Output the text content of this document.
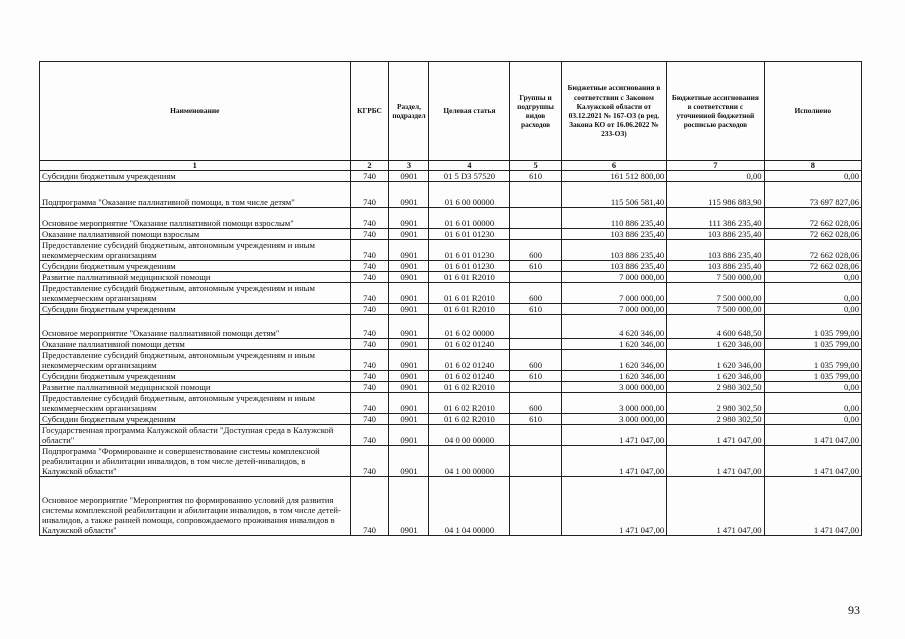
Наименование	КГРБС	Раздел, подраздел	Целевая статья	Группы и подгруппы видов расходов	Бюджетные ассигнования в соответствии с Законом Калужской области от 03.12.2021 № 167-ОЗ (в ред. Закона КО от 16.06.2022 № 233-ОЗ)	Бюджетные ассигнования в соответствии с уточненной бюджетной росписью расходов	Исполнено
1	2	3	4	5	6	7	8
Субсидии бюджетным учреждениям	740	0901	01 5 D3 57520	610	161 512 800,00	0,00	0,00
Подпрограмма "Оказание паллиативной помощи, в том числе детям"	740	0901	01 6 00 00000		115 506 581,40	115 986 883,90	73 697 827,06
Основное мероприятие "Оказание паллиативной помощи взрослым"	740	0901	01 6 01 00000		110 886 235,40	111 386 235,40	72 662 028,06
Оказание паллиативной помощи взрослым	740	0901	01 6 01 01230		103 886 235,40	103 886 235,40	72 662 028,06
Предоставление субсидий бюджетным, автономным учреждениям и иным некоммерческим организациям	740	0901	01 6 01 01230	600	103 886 235,40	103 886 235,40	72 662 028,06
Субсидии бюджетным учреждениям	740	0901	01 6 01 01230	610	103 886 235,40	103 886 235,40	72 662 028,06
Развитие паллиативной медицинской помощи	740	0901	01 6 01 R2010		7 000 000,00	7 500 000,00	0,00
Предоставление субсидий бюджетным, автономным учреждениям и иным некоммерческим организациям	740	0901	01 6 01 R2010	600	7 000 000,00	7 500 000,00	0,00
Субсидии бюджетным учреждениям	740	0901	01 6 01 R2010	610	7 000 000,00	7 500 000,00	0,00
Основное мероприятие "Оказание паллиативной помощи детям"	740	0901	01 6 02 00000		4 620 346,00	4 600 648,50	1 035 799,00
Оказание паллиативной помощи детям	740	0901	01 6 02 01240		1 620 346,00	1 620 346,00	1 035 799,00
Предоставление субсидий бюджетным, автономным учреждениям и иным некоммерческим организациям	740	0901	01 6 02 01240	600	1 620 346,00	1 620 346,00	1 035 799,00
Субсидии бюджетным учреждениям	740	0901	01 6 02 01240	610	1 620 346,00	1 620 346,00	1 035 799,00
Развитие паллиативной медицинской помощи	740	0901	01 6 02 R2010		3 000 000,00	2 980 302,50	0,00
Предоставление субсидий бюджетным, автономным учреждениям и иным некоммерческим организациям	740	0901	01 6 02 R2010	600	3 000 000,00	2 980 302,50	0,00
Субсидии бюджетным учреждениям	740	0901	01 6 02 R2010	610	3 000 000,00	2 980 302,50	0,00
Государственная программа Калужской области "Доступная среда в Калужской области"	740	0901	04 0 00 00000		1 471 047,00	1 471 047,00	1 471 047,00
Подпрограмма "Формирование и совершенствование системы комплексной реабилитации и абилитации инвалидов, в том числе детей-инвалидов, в Калужской области"	740	0901	04 1 00 00000		1 471 047,00	1 471 047,00	1 471 047,00
Основное мероприятие "Мероприятия по формированию условий для развития системы комплексной реабилитации и абилитации инвалидов, в том числе детей-инвалидов, а также ранней помощи, сопровождаемого проживания инвалидов в Калужской области"	740	0901	04 1 04 00000		1 471 047,00	1 471 047,00	1 471 047,00
93
